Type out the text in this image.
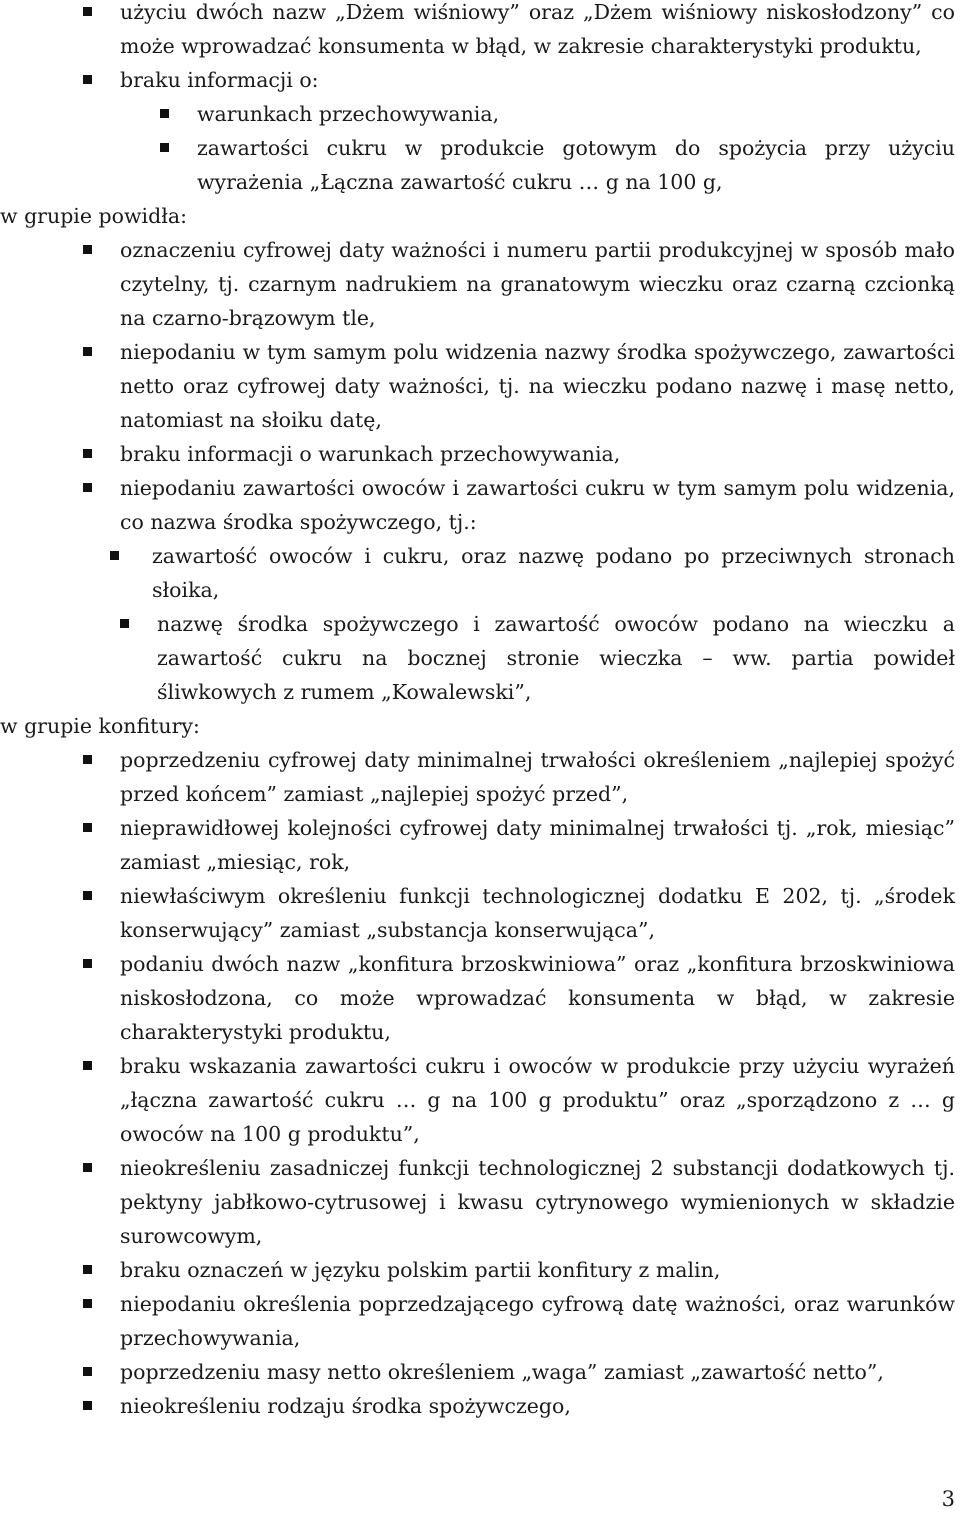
użyciu dwóch nazw „Dżem wiśniowy” oraz „Dżem wiśniowy niskosłodzony” co może wprowadzać konsumenta w błąd, w zakresie charakterystyki produktu,

braku informacji o:

warunkach przechowywania,

zawartości cukru w produkcie gotowym do spożycia przy użyciu wyrażenia „Łączna zawartość cukru … g na 100 g,

w grupie powidła:

oznaczeniu cyfrowej daty ważności i numeru partii produkcyjnej w sposób mało czytelny, tj. czarnym nadrukiem na granatowym wieczku oraz czarną czcionką na czarno-brązowym tle,

niepodaniu w tym samym polu widzenia nazwy środka spożywczego, zawartości netto oraz cyfrowej daty ważności, tj. na wieczku podano nazwę i masę netto, natomiast na słoiku datę,

braku informacji o warunkach przechowywania,

niepodaniu zawartości owoców i zawartości cukru w tym samym polu widzenia, co nazwa środka spożywczego, tj.:

zawartość owoców i cukru, oraz nazwę podano po przeciwnych stronach słoika,

nazwę środka spożywczego i zawartość owoców podano na wieczku a zawartość cukru na bocznej stronie wieczka – ww. partia powideł śliwkowych z rumem „Kowalewski”,

w grupie konfitury:

poprzedzeniu cyfrowej daty minimalnej trwałości określeniem „najlepiej spożyć przed końcem” zamiast „najlepiej spożyć przed”,

nieprawidłowej kolejności cyfrowej daty minimalnej trwałości tj. „rok, miesiąc” zamiast „miesiąc, rok,

niewłaściwym określeniu funkcji technologicznej dodatku E 202, tj. „środek konserwujący” zamiast „substancja konserwująca”,

podaniu dwóch nazw „konfitura brzoskwiniowa” oraz „konfitura brzoskwiniowa niskosłodzona, co może wprowadzać konsumenta w błąd, w zakresie charakterystyki produktu,

braku wskazania zawartości cukru i owoców w produkcie przy użyciu wyrażeń „łączna zawartość cukru … g na 100 g produktu” oraz „sporządzono z … g owoców na 100 g produktu”,

nieokreśleniu zasadniczej funkcji technologicznej 2 substancji dodatkowych tj. pektyny jabłkowo-cytrusowej i kwasu cytrynowego wymienionych w składzie surowcowym,

braku oznaczeń w języku polskim partii konfitury z malin,

niepodaniu określenia poprzedzającego cyfrową datę ważności, oraz warunków przechowywania,

poprzedzeniu masy netto określeniem „waga” zamiast „zawartość netto”,

nieokreśleniu rodzaju środka spożywczego,

3
